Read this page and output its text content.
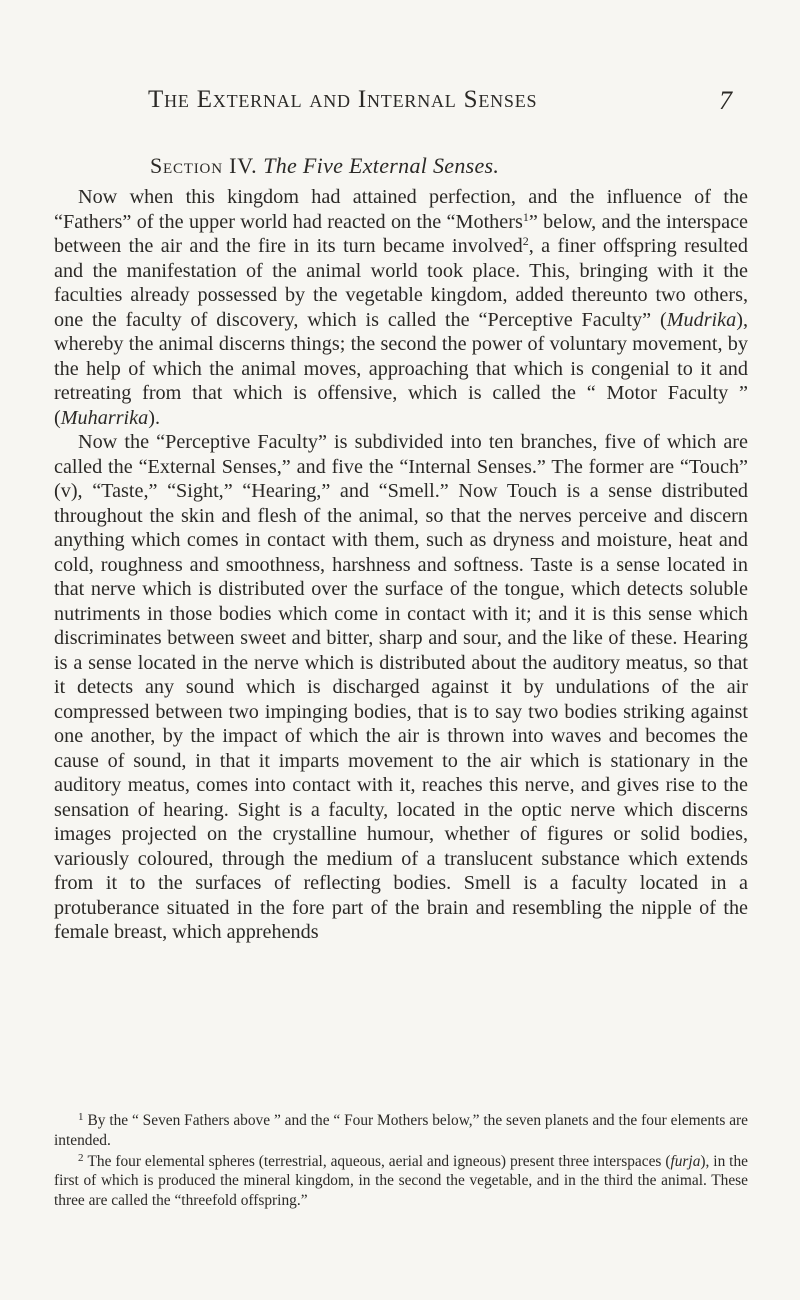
The External and Internal Senses	7
Section IV. The Five External Senses.

Now when this kingdom had attained perfection, and the influence of the “Fathers” of the upper world had reacted on the “Mothers$^1$” below, and the interspace between the air and the fire in its turn became involved$^2$, a finer offspring resulted and the manifestation of the animal world took place. This, bringing with it the faculties already possessed by the vegetable kingdom, added thereunto two others, one the faculty of discovery, which is called the “Perceptive Faculty” (Mudrika), whereby the animal discerns things; the second the power of voluntary movement, by the help of which the animal moves, approaching that which is congenial to it and retreating from that which is offensive, which is called the “ Motor Faculty ” (Muharrika).

Now the “Perceptive Faculty” is subdivided into ten branches, five of which are called the “External Senses,” and five the “Internal Senses.” The former are “Touch” (v), “Taste,” “Sight,” “Hearing,” and “Smell.” Now Touch is a sense distributed throughout the skin and flesh of the animal, so that the nerves perceive and discern anything which comes in contact with them, such as dryness and moisture, heat and cold, roughness and smoothness, harshness and softness. Taste is a sense located in that nerve which is distributed over the surface of the tongue, which detects soluble nutriments in those bodies which come in contact with it; and it is this sense which discriminates between sweet and bitter, sharp and sour, and the like of these. Hearing is a sense located in the nerve which is distributed about the auditory meatus, so that it detects any sound which is discharged against it by undulations of the air compressed between two impinging bodies, that is to say two bodies striking against one another, by the impact of which the air is thrown into waves and becomes the cause of sound, in that it imparts movement to the air which is stationary in the auditory meatus, comes into contact with it, reaches this nerve, and gives rise to the sensation of hearing. Sight is a faculty, located in the optic nerve which discerns images projected on the crystalline humour, whether of figures or solid bodies, variously coloured, through the medium of a translucent substance which extends from it to the surfaces of reflecting bodies. Smell is a faculty located in a protuberance situated in the fore part of the brain and resembling the nipple of the female breast, which apprehends

$^1$ By the “ Seven Fathers above ” and the “ Four Mothers below,” the seven planets and the four elements are intended.

$^2$ The four elemental spheres (terrestrial, aqueous, aerial and igneous) present three interspaces (furja), in the first of which is produced the mineral kingdom, in the second the vegetable, and in the third the animal. These three are called the “threefold offspring.”
